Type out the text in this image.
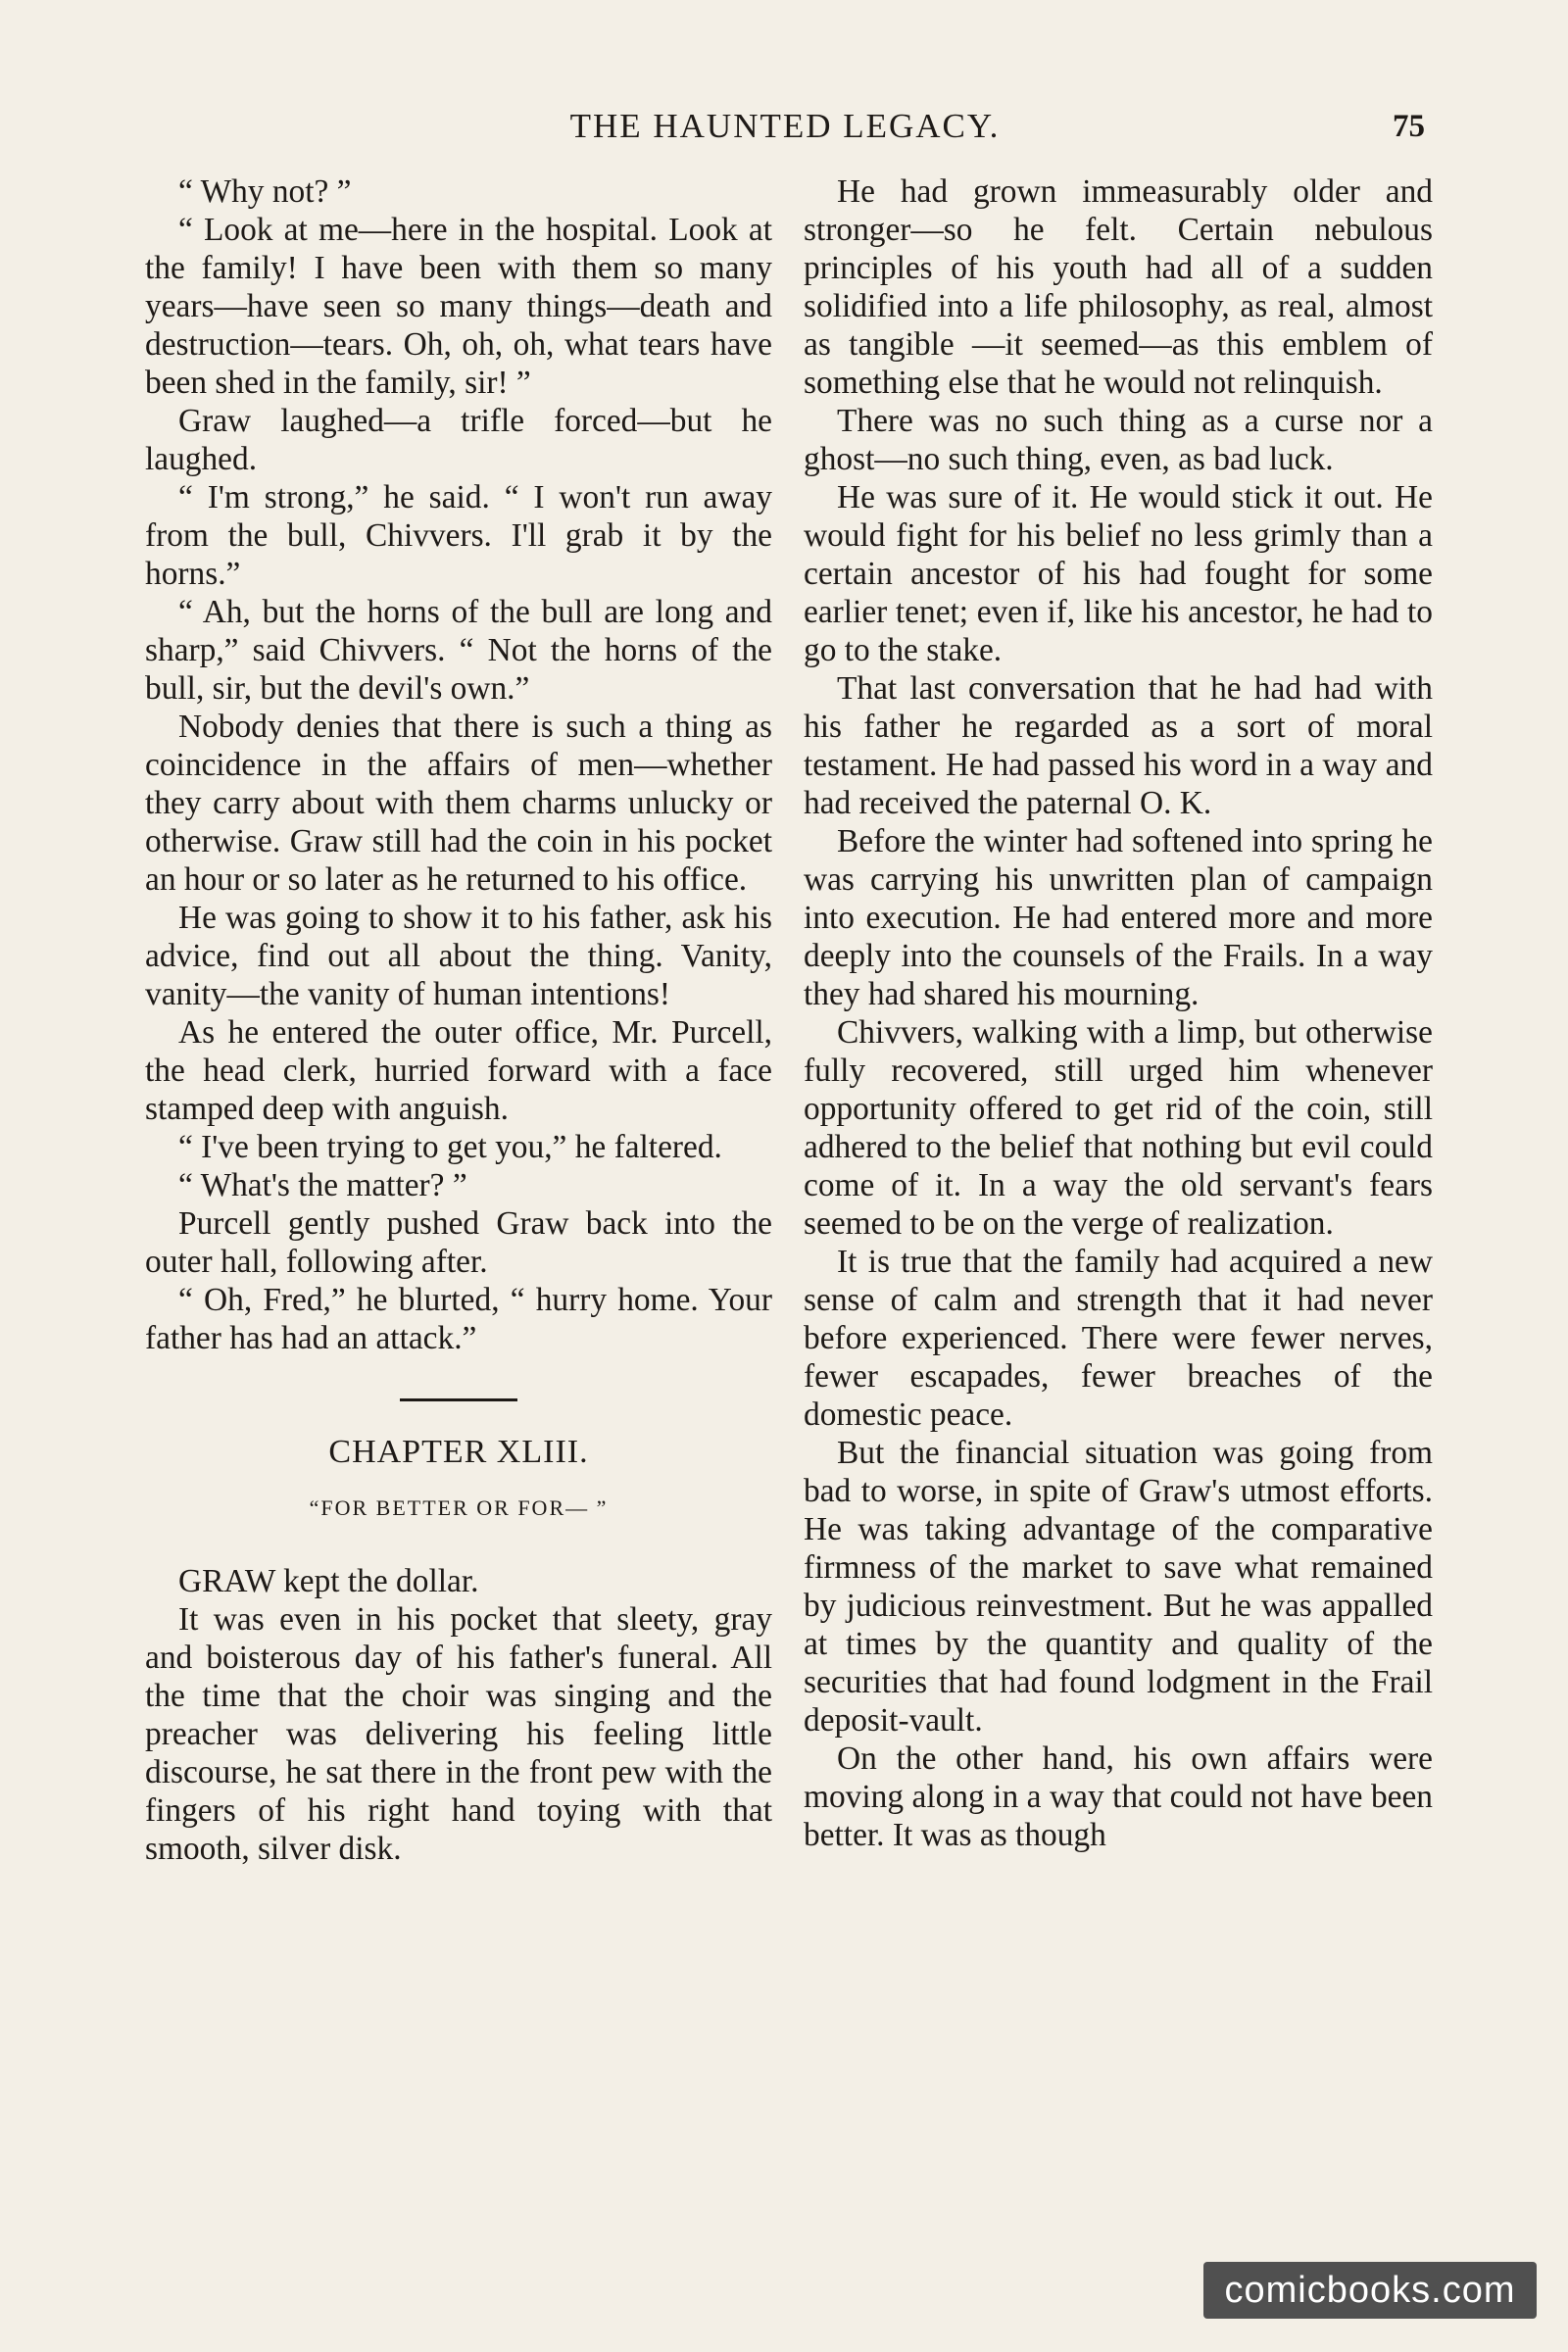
THE HAUNTED LEGACY.	75

“ Why not? ”

“ Look at me—here in the hospital. Look at the family! I have been with them so many years—have seen so many things—death and destruction—tears. Oh, oh, oh, what tears have been shed in the family, sir! ”

Graw laughed—a trifle forced—but he laughed.

“ I'm strong,” he said. “ I won't run away from the bull, Chivvers. I'll grab it by the horns.”

“ Ah, but the horns of the bull are long and sharp,” said Chivvers. “ Not the horns of the bull, sir, but the devil's own.”

Nobody denies that there is such a thing as coincidence in the affairs of men—whether they carry about with them charms unlucky or otherwise. Graw still had the coin in his pocket an hour or so later as he returned to his office.

He was going to show it to his father, ask his advice, find out all about the thing. Vanity, vanity—the vanity of human intentions!

As he entered the outer office, Mr. Purcell, the head clerk, hurried forward with a face stamped deep with anguish.

“ I've been trying to get you,” he faltered.

“ What's the matter? ”

Purcell gently pushed Graw back into the outer hall, following after.

“ Oh, Fred,” he blurted, “ hurry home. Your father has had an attack.”

CHAPTER XLIII.
“FOR BETTER OR FOR— ”

GRAW kept the dollar.

It was even in his pocket that sleety, gray and boisterous day of his father's funeral. All the time that the choir was singing and the preacher was delivering his feeling little discourse, he sat there in the front pew with the fingers of his right hand toying with that smooth, silver disk.

He had grown immeasurably older and stronger—so he felt. Certain nebulous principles of his youth had all of a sudden solidified into a life philosophy, as real, almost as tangible —it seemed—as this emblem of something else that he would not relinquish.

There was no such thing as a curse nor a ghost—no such thing, even, as bad luck.

He was sure of it. He would stick it out. He would fight for his belief no less grimly than a certain ancestor of his had fought for some earlier tenet; even if, like his ancestor, he had to go to the stake.

That last conversation that he had had with his father he regarded as a sort of moral testament. He had passed his word in a way and had received the paternal O. K.

Before the winter had softened into spring he was carrying his unwritten plan of campaign into execution. He had entered more and more deeply into the counsels of the Frails. In a way they had shared his mourning.

Chivvers, walking with a limp, but otherwise fully recovered, still urged him whenever opportunity offered to get rid of the coin, still adhered to the belief that nothing but evil could come of it. In a way the old servant's fears seemed to be on the verge of realization.

It is true that the family had acquired a new sense of calm and strength that it had never before experienced. There were fewer nerves, fewer escapades, fewer breaches of the domestic peace.

But the financial situation was going from bad to worse, in spite of Graw's utmost efforts. He was taking advantage of the comparative firmness of the market to save what remained by judicious reinvestment. But he was appalled at times by the quantity and quality of the securities that had found lodgment in the Frail deposit-vault.

On the other hand, his own affairs were moving along in a way that could not have been better. It was as though

comicbooks.com
